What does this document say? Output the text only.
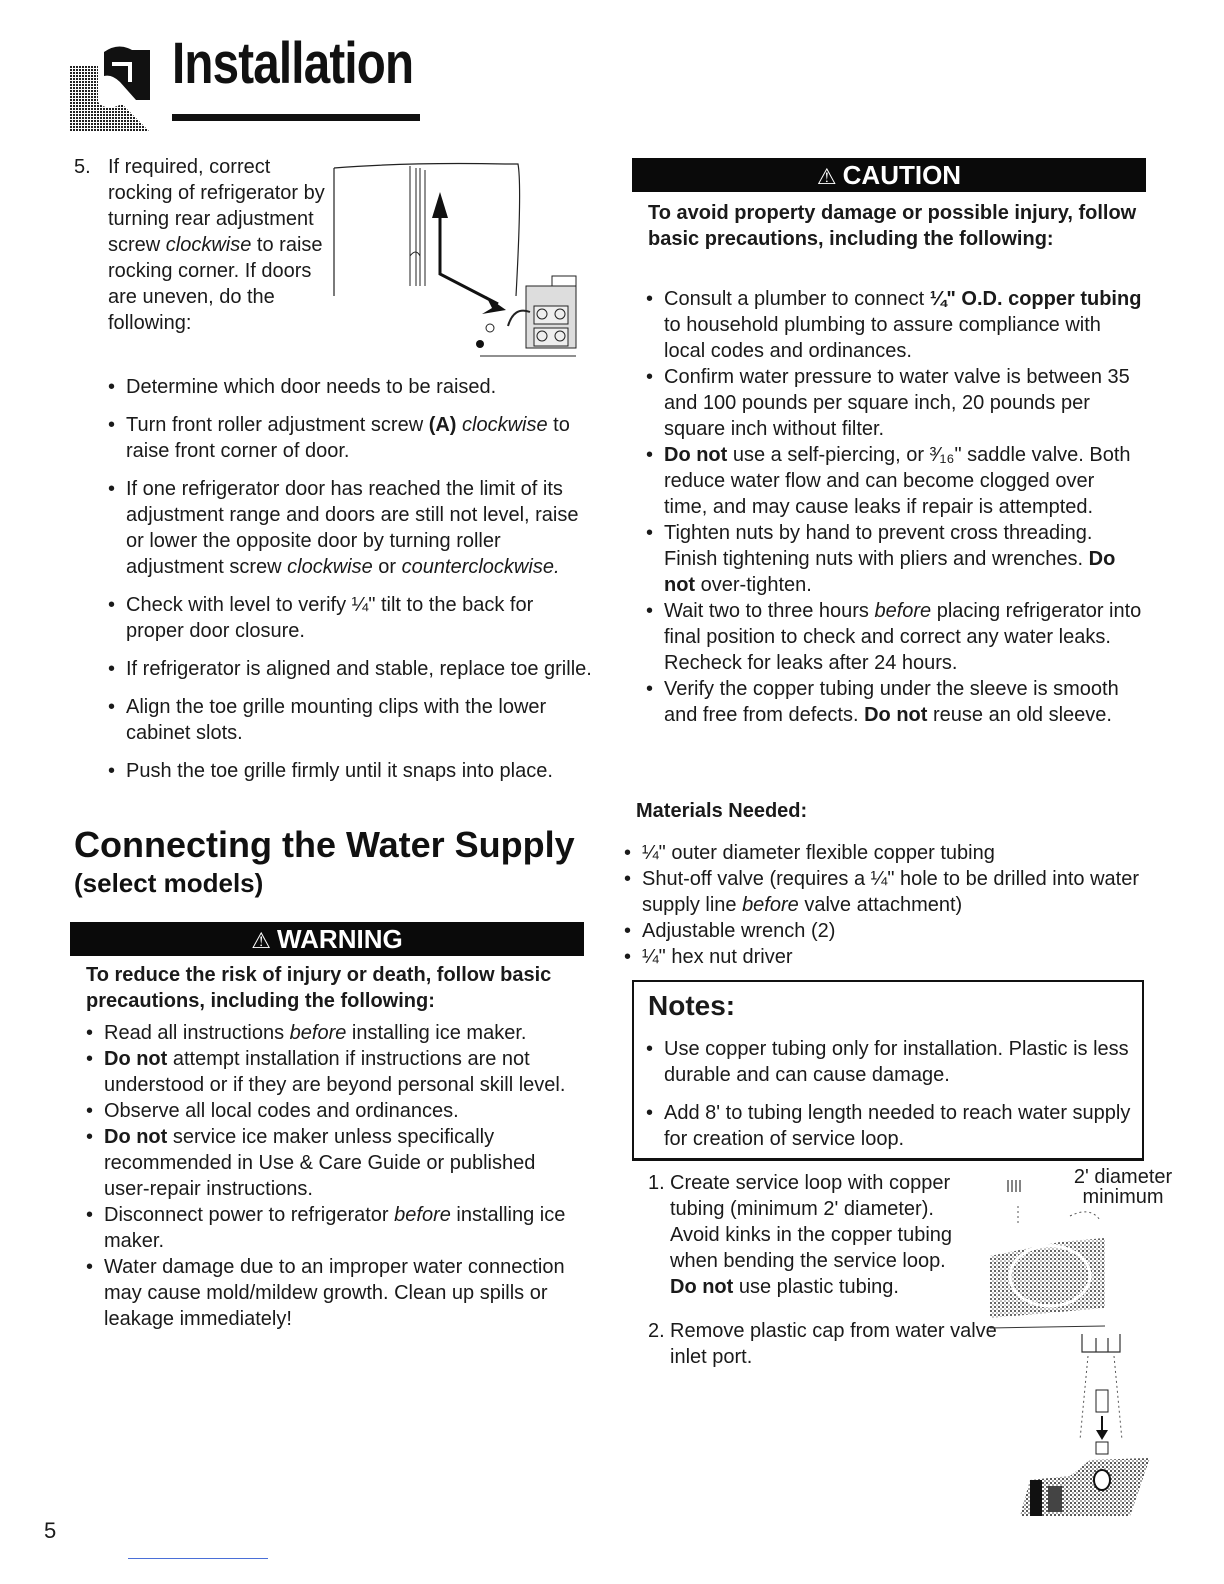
Installation
5. If required, correct rocking of refrigerator by turning rear adjustment screw clockwise to raise rocking corner. If doors are uneven, do the following:
• Determine which door needs to be raised.
• Turn front roller adjustment screw (A) clockwise to raise front corner of door.
• If one refrigerator door has reached the limit of its adjustment range and doors are still not level, raise or lower the opposite door by turning roller adjustment screw clockwise or counterclockwise.
• Check with level to verify ¼" tilt to the back for proper door closure.
• If refrigerator is aligned and stable, replace toe grille.
• Align the toe grille mounting clips with the lower cabinet slots.
• Push the toe grille firmly until it snaps into place.
Connecting the Water Supply
(select models)
⚠ WARNING
To reduce the risk of injury or death, follow basic precautions, including the following:
• Read all instructions before installing ice maker.
• Do not attempt installation if instructions are not understood or if they are beyond personal skill level.
• Observe all local codes and ordinances.
• Do not service ice maker unless specifically recommended in Use & Care Guide or published user-repair instructions.
• Disconnect power to refrigerator before installing ice maker.
• Water damage due to an improper water connection may cause mold/mildew growth. Clean up spills or leakage immediately!
⚠ CAUTION
To avoid property damage or possible injury, follow basic precautions, including the following:
• Consult a plumber to connect ¼" O.D. copper tubing to household plumbing to assure compliance with local codes and ordinances.
• Confirm water pressure to water valve is between 35 and 100 pounds per square inch, 20 pounds per square inch without filter.
• Do not use a self-piercing, or ³⁄₁₆" saddle valve. Both reduce water flow and can become clogged over time, and may cause leaks if repair is attempted.
• Tighten nuts by hand to prevent cross threading. Finish tightening nuts with pliers and wrenches. Do not over-tighten.
• Wait two to three hours before placing refrigerator into final position to check and correct any water leaks. Recheck for leaks after 24 hours.
• Verify the copper tubing under the sleeve is smooth and free from defects. Do not reuse an old sleeve.
Materials Needed:
• ¼" outer diameter flexible copper tubing
• Shut-off valve (requires a ¼" hole to be drilled into water supply line before valve attachment)
• Adjustable wrench (2)
• ¼" hex nut driver
Notes:
• Use copper tubing only for installation. Plastic is less durable and can cause damage.
• Add 8' to tubing length needed to reach water supply for creation of service loop.
1. Create service loop with copper tubing (minimum 2' diameter). Avoid kinks in the copper tubing when bending the service loop. Do not use plastic tubing.
2. Remove plastic cap from water valve inlet port.
2' diameter
minimum
5
